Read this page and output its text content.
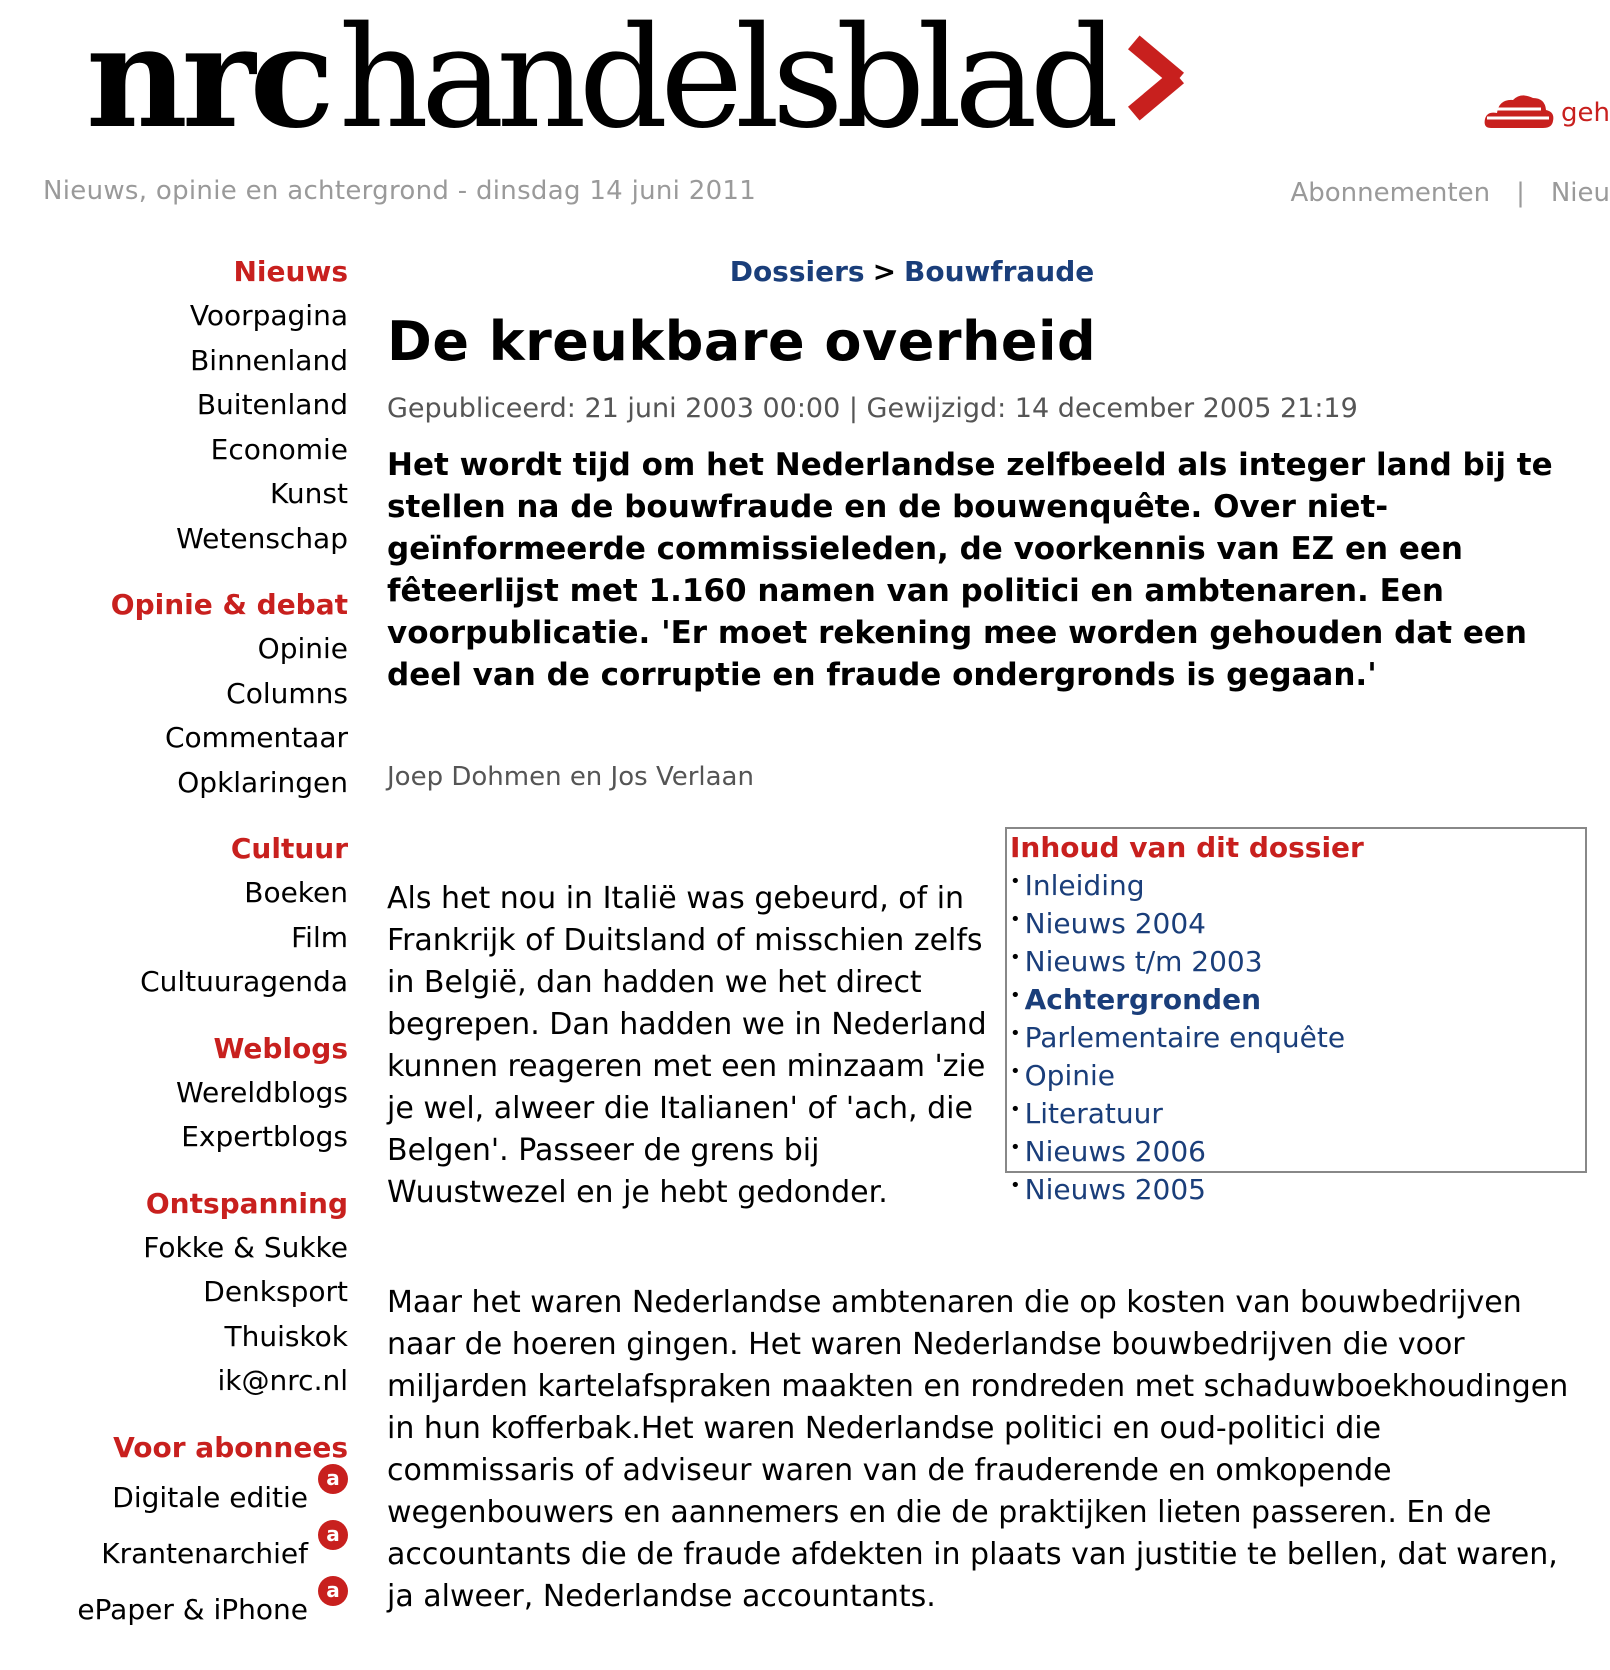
nrchandelsblad
Nieuws, opinie en achtergrond - dinsdag 14 juni 2011
geh
Abonnementen | Nieu
Nieuws
Voorpagina
Binnenland
Buitenland
Economie
Kunst
Wetenschap
Opinie & debat
Opinie
Columns
Commentaar
Opklaringen
Cultuur
Boeken
Film
Cultuuragenda
Weblogs
Wereldblogs
Expertblogs
Ontspanning
Fokke & Sukke
Denksport
Thuiskok
ik@nrc.nl
Voor abonnees
Digitale editiea
Krantenarchiefa
ePaper & iPhonea
Dossiers > Bouwfraude
De kreukbare overheid
Gepubliceerd: 21 juni 2003 00:00 | Gewijzigd: 14 december 2005 21:19
Het wordt tijd om het Nederlandse zelfbeeld als integer land bij te stellen na de bouwfraude en de bouwenquête. Over niet-geïnformeerde commissieleden, de voorkennis van EZ en een fêteerlijst met 1.160 namen van politici en ambtenaren. Een voorpublicatie. 'Er moet rekening mee worden gehouden dat een deel van de corruptie en fraude ondergronds is gegaan.'
Joep Dohmen en Jos Verlaan
Inhoud van dit dossier
• Inleiding
• Nieuws 2004
• Nieuws t/m 2003
• Achtergronden
• Parlementaire enquête
• Opinie
• Literatuur
• Nieuws 2006
• Nieuws 2005

Als het nou in Italië was gebeurd, of in Frankrijk of Duitsland of misschien zelfs in België, dan hadden we het direct begrepen. Dan hadden we in Nederland kunnen reageren met een minzaam 'zie je wel, alweer die Italianen' of 'ach, die Belgen'. Passeer de grens bij Wuustwezel en je hebt gedonder.

Maar het waren Nederlandse ambtenaren die op kosten van bouwbedrijven naar de hoeren gingen. Het waren Nederlandse bouwbedrijven die voor miljarden kartelafspraken maakten en rondreden met schaduwboekhoudingen in hun kofferbak.Het waren Nederlandse politici en oud-politici die commissaris of adviseur waren van de frauderende en omkopende wegenbouwers en aannemers en die de praktijken lieten passeren. En de accountants die de fraude afdekten in plaats van justitie te bellen, dat waren, ja alweer, Nederlandse accountants.
